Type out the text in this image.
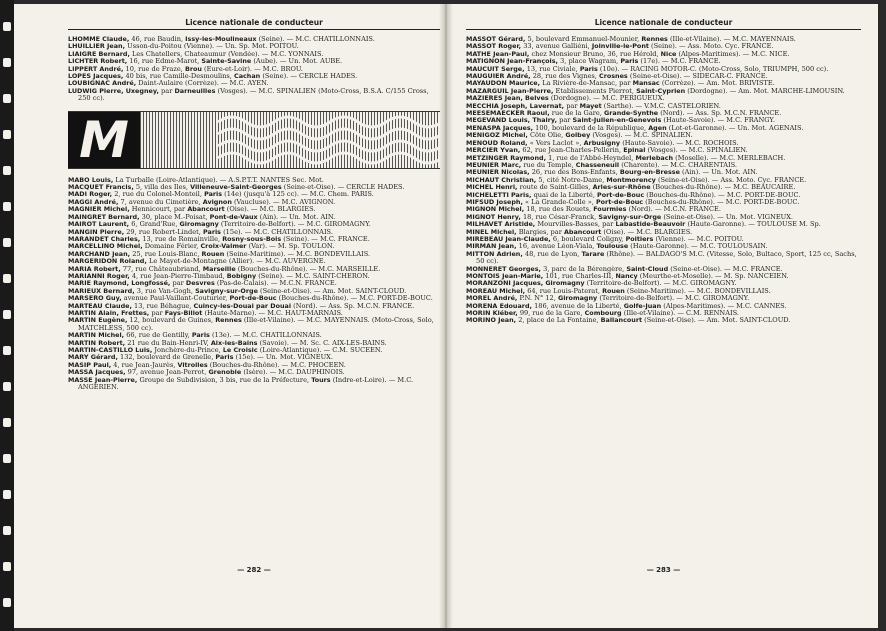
Licence nationale de conducteur

LHOMME Claude, 46, rue Baudin, Issy-les-Moulineaux (Seine). — M.C. CHATILLONNAIS.

LHUILLIER Jean, Usson-du-Poitou (Vienne). — Un. Sp. Mot. POITOU.

LIAIGRE Bernard, Les Chatellers, Chateaumur (Vendée). — M.C. YONNAIS.

LICHTER Robert, 16, rue Edme-Marot, Sainte-Savine (Aube). — Un. Mot. AUBE.

LIPPERT André, 10, rue de Fraze, Brou (Eure-et-Loir). — M.C. BROU.

LOPES Jacques, 40 bis, rue Camille-Desmoulins, Cachan (Seine). — CERCLE HADES.

LOUBIGNAC André, Daint-Aulaire (Corrèze). — M.C. AYEN.

LUDWIG Pierre, Uxegney, par Darneuilles (Vosges). — M.C. SPINALIEN (Moto-Cross, B.S.A. C/155 Cross, 250 cc).

M

MABO Louis, La Turballe (Loire-Atlantique). — A.S.P.T.T. NANTES Sec. Mot.

MACQUET Francis, 5, villa des Iles, Villeneuve-Saint-Georges (Seine-et-Oise). — CERCLE HADES.

MADI Roger, 2, rue du Colonel-Monteil, Paris (14e) (jusqu'à 125 cc). — M.C. Chem. PARIS.

MAGGI André, 7, avenue du Cimetière, Avignon (Vaucluse). — M.C. AVIGNON.

MAGNIER Michel, Hennicourt, par Abancourt (Oise). — M.C. BLARGIES.

MAINGRET Bernard, 30, place M.-Poisat, Pont-de-Vaux (Ain). — Un. Mot. AIN.

MAIROT Laurent, 6, Grand'Rue, Giromagny (Territoire-de-Belfort). — M.C. GIROMAGNY.

MANGIN Pierre, 29, rue Robert-Lindet, Paris (15e). — M.C. CHATILLONNAIS.

MARANDET Charles, 13, rue de Romainville, Rosny-sous-Bois (Seine). — M.C. FRANCE.

MARCELLINO Michel, Domaine Férier, Croix-Valmer (Var). — M. Sp. TOULON.

MARCHAND Jean, 25, rue Louis-Blanc, Rouen (Seine-Maritime). — M.C. BONDEVILLAIS.

MARGERIDON Roland, Le Mayet-de-Montagne (Allier). — M.C. AUVERGNE.

MARIA Robert, 77, rue Châteaubriand, Marseille (Bouches-du-Rhône). — M.C. MARSEILLE.

MARIANNI Roger, 4, rue Jean-Pierre-Timbaud, Bobigny (Seine). — M.C. SAINT-CHERON.

MARIE Raymond, Longfossé, par Desvres (Pas-de-Calais). — M.C.N. FRANCE.

MARIEUX Bernard, 3, rue Van-Gogh, Savigny-sur-Orge (Seine-et-Oise). — Am. Mot. SAINT-CLOUD.

MARSERO Guy, avenue Paul-Vaillant-Couturier, Port-de-Bouc (Bouches-du-Rhône). — M.C. PORT-DE-BOUC.

MARTEAU Claude, 13, rue Béhague, Cuincy-les-Douai par Douai (Nord). — Ass. Sp. M.C.N. FRANCE.

MARTIN Alain, Frettes, par Fays-Billot (Haute-Marne). — M.C. HAUT-MARNAIS.

MARTIN Eugène, 12, boulevard de Guines, Rennes (Ille-et-Vilaine). — M.C. MAYENNAIS. (Moto-Cross, Solo, MATCHLESS, 500 cc).

MARTIN Michel, 66, rue de Gentilly, Paris (13e). — M.C. CHATILLONNAIS.

MARTIN Robert, 21 rue du Bain-Henri-IV, Aix-les-Bains (Savoie). — M. Sc. C. AIX-LES-BAINS.

MARTIN-CASTILLO Luis, Jonchère-du-Prince, Le Croisic (Loire-Atlantique). — C.M. SUCEEN.

MARY Gérard, 132, boulevard de Grenelle, Paris (15e). — Un. Mot. VIGNEUX.

MASIP Paul, 4, rue Jean-Jaurès, Vitrolles (Bouches-du-Rhône). — M.C. PHOCEEN.

MASSA Jacques, 97, avenue Jean-Perrot, Grenoble (Isère). — M.C. DAUPHINOIS.

MASSE Jean-Pierre, Groupe de Subdivision, 3 bis, rue de la Préfecture, Tours (Indre-et-Loire). — M.C. ANGERIEN.

— 282 —
Licence nationale de conducteur

MASSOT Gérard, 5, boulevard Emmanuel-Mounier, Rennes (Ille-et-Vilaine). — M.C. MAYENNAIS.

MASSOT Roger, 33, avenue Galliéni, Joinville-le-Pont (Seine). — Ass. Moto. Cyc. FRANCE.

MATHE Jean-Paul, chez Monsieur Bruno, 36, rue Hérold, Nice (Alpes-Maritimes). — M.C. NICE.

MATIGNON Jean-François, 3, place Wagram, Paris (17e). — M.C. FRANCE.

MAUCUIT Serge, 13, rue Civiale, Paris (10e). — RACING MOTOR-C. (Moto-Cross, Solo, TRIUMPH, 500 cc).

MAUGUIER André, 28, rue des Vignes, Crosnes (Seine-et-Oise). — SIDECAR-C. FRANCE.

MAYAUDON Maurice, La Rivière-de-Mansac, par Mansac (Corrèze). — Am. Mot. BRIVISTE.

MAZARGUIL Jean-Pierre, Etablissements Pierrot, Saint-Cyprien (Dordogne). — Am. Mot. MARCHE-LIMOUSIN.

MAZIERES Jean, Belves (Dordogne). — M.C. PERIGUEUX.

MECCHIA Joseph, Lavernat, par Mayet (Sarthe). — V.M.C. CASTELORIEN.

MEESEMAECKER Raoul, rue de la Gare, Grande-Synthe (Nord). — Ass. Sp. M.C.N. FRANCE.

MEGEVAND Louis, Thairy, par Saint-Julien-en-Genevois (Haute-Savoie). — M.C. FRANGY.

MENASPA Jacques, 100, boulevard de la République, Agen (Lot-et-Garonne). — Un. Mot. AGENAIS.

MENIGOZ Michel, Côte Olie, Golbey (Vosges). — M.C. SPINALIEN.

MENOUD Roland, « Vers Laclot », Arbusigny (Haute-Savoie). — M.C. ROCHOIS.

MERCIER Yvan, 62, rue Jean-Charles-Pellerin, Epinal (Vosges). — M.C. SPINALIEN.

METZINGER Raymond, 1, rue de l'Abbé-Heyndel, Merlebach (Moselle). — M.C. MERLEBACH.

MEUNIER Marc, rue du Temple, Chasseneuil (Charente). — M.C. CHARENTAIS.

MEUNIER Nicolas, 26, rue des Bons-Enfants, Bourg-en-Bresse (Ain). — Un. Mot. AIN.

MICHAUT Christian, 5, cité Notre-Dame, Montmorency (Seine-et-Oise). — Ass. Moto. Cyc. FRANCE.

MICHEL Henri, route de Saint-Gilles, Arles-sur-Rhône (Bouches-du-Rhône). — M.C. BEAUCAIRE.

MICHELETTI Paris, quai de la Liberté, Port-de-Bouc (Bouches-du-Rhône). — M.C. PORT-DE-BOUC.

MIFSUD Joseph, « La Grande-Colle », Port-de-Bouc (Bouches-du-Rhône). — M.C. PORT-DE-BOUC.

MIGNON Michel, 18, rue des Rouets, Fourmies (Nord). — M.C.N. FRANCE.

MIGNOT Henry, 18, rue César-Franck, Savigny-sur-Orge (Seine-et-Oise). — Un. Mot. VIGNEUX.

MILHAVET Aristide, Mourvilles-Basses, par Labastide-Beauvoir (Haute-Garonne). — TOULOUSE M. Sp.

MINEL Michel, Blargies, par Abancourt (Oise). — M.C. BLARGIES.

MIREBEAU Jean-Claude, 6, boulevard Coligny, Poitiers (Vienne). — M.C. POITOU.

MIRMAN Jean, 16, avenue Léon-Viala, Toulouse (Haute-Garonne). — M.C. TOULOUSAIN.

MITTON Adrien, 48, rue de Lyon, Tarare (Rhône). — BALDAGO'S M.C. (Vitesse, Solo, Bultaco, Sport, 125 cc, Sachs, 50 cc).

MONNERET Georges, 3, parc de la Bérengère, Saint-Cloud (Seine-et-Oise). — M.C. FRANCE.

MONTOIS Jean-Marie, 101, rue Charles-III, Nancy (Meurthe-et-Moselle). — M. Sp. NANCEIEN.

MORANZONI Jacques, Giromagny (Territoire-de-Belfort). — M.C. GIROMAGNY.

MOREAU Michel, 64, rue Louis-Paterat, Rouen (Seine-Maritime). — M.C. BONDEVILLAIS.

MOREL André, P.N. N° 12, Giromagny (Territoire-de-Belfort). — M.C. GIROMAGNY.

MORENA Edouard, 186, avenue de la Liberté, Golfe-Juan (Alpes-Maritimes). — M.C. CANNES.

MORIN Kléber, 99, rue de la Gare, Combourg (Ille-et-Vilaine). — C.M. RENNAIS.

MORINO Jean, 2, place de La Fontaine, Ballancourt (Seine-et-Oise). — Am. Mot. SAINT-CLOUD.

— 283 —
